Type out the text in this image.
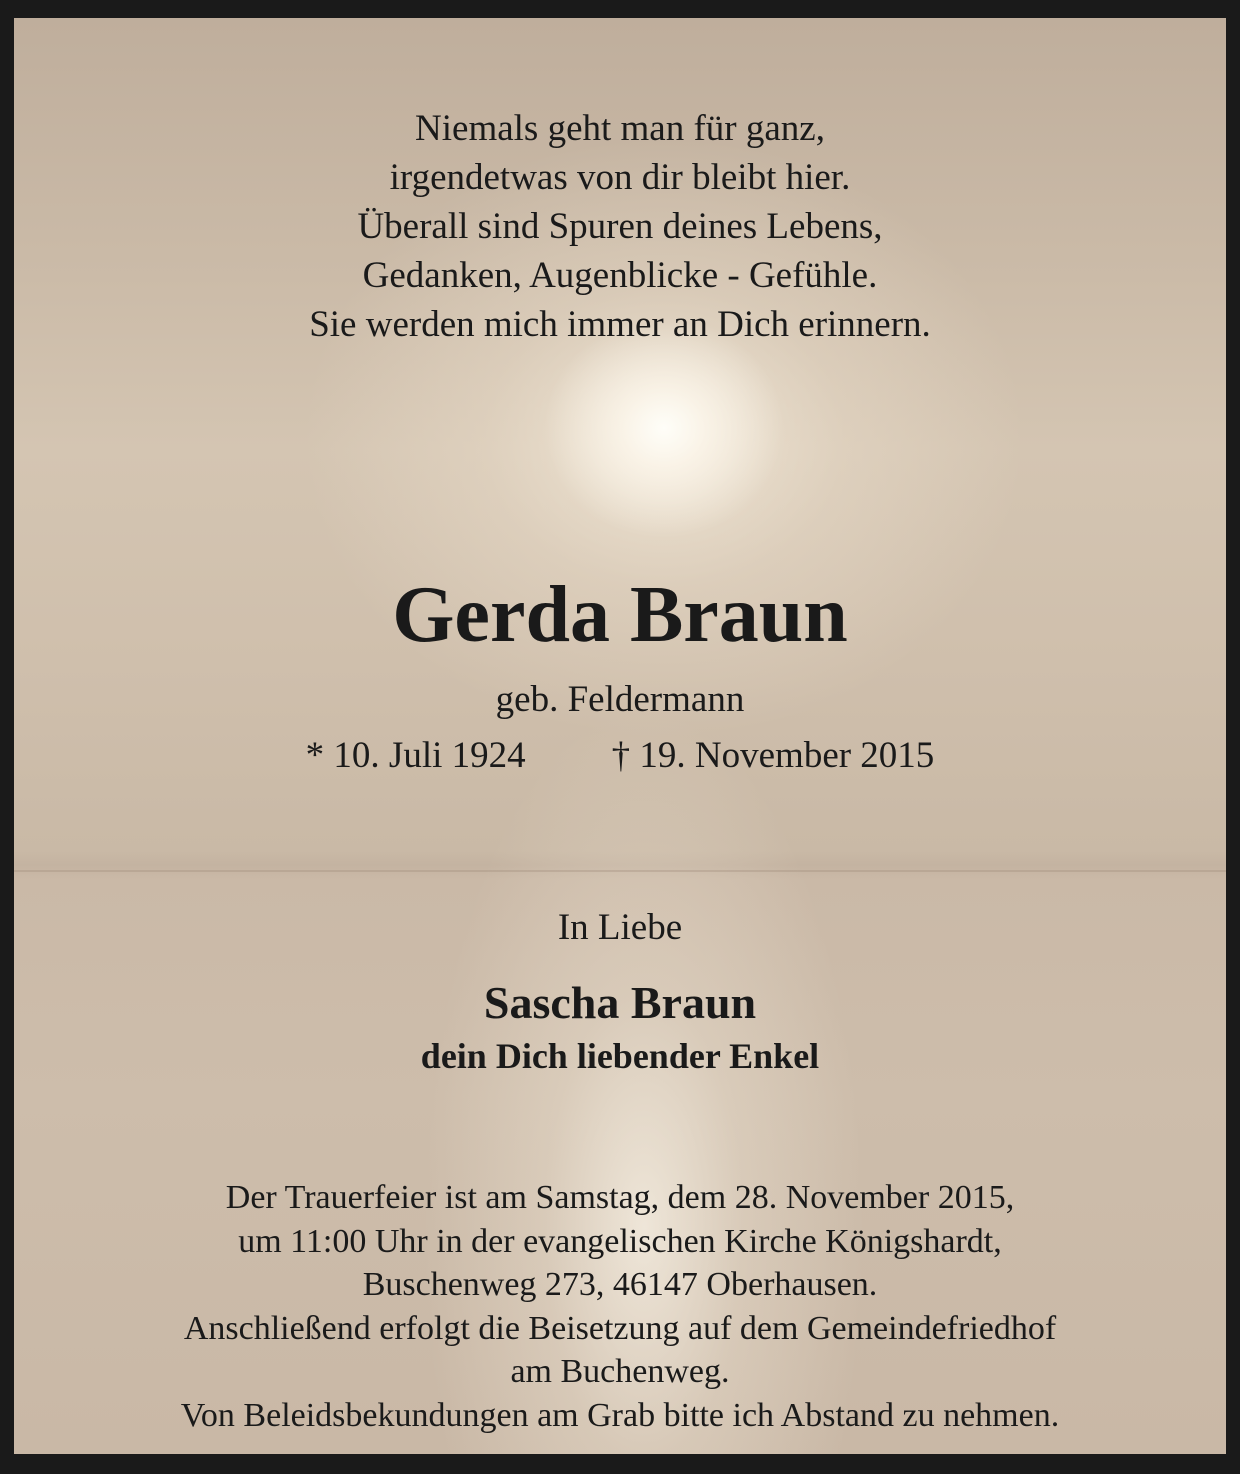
Niemals geht man für ganz,
irgendetwas von dir bleibt hier.
Überall sind Spuren deines Lebens,
Gedanken, Augenblicke - Gefühle.
Sie werden mich immer an Dich erinnern.
Gerda Braun
geb. Feldermann
* 10. Juli 1924 † 19. November 2015
In Liebe
Sascha Braun
dein Dich liebender Enkel
Der Trauerfeier ist am Samstag, dem 28. November 2015,
um 11:00 Uhr in der evangelischen Kirche Königshardt,
Buschenweg 273, 46147 Oberhausen.
Anschließend erfolgt die Beisetzung auf dem Gemeindefriedhof
am Buchenweg.
Von Beleidsbekundungen am Grab bitte ich Abstand zu nehmen.
